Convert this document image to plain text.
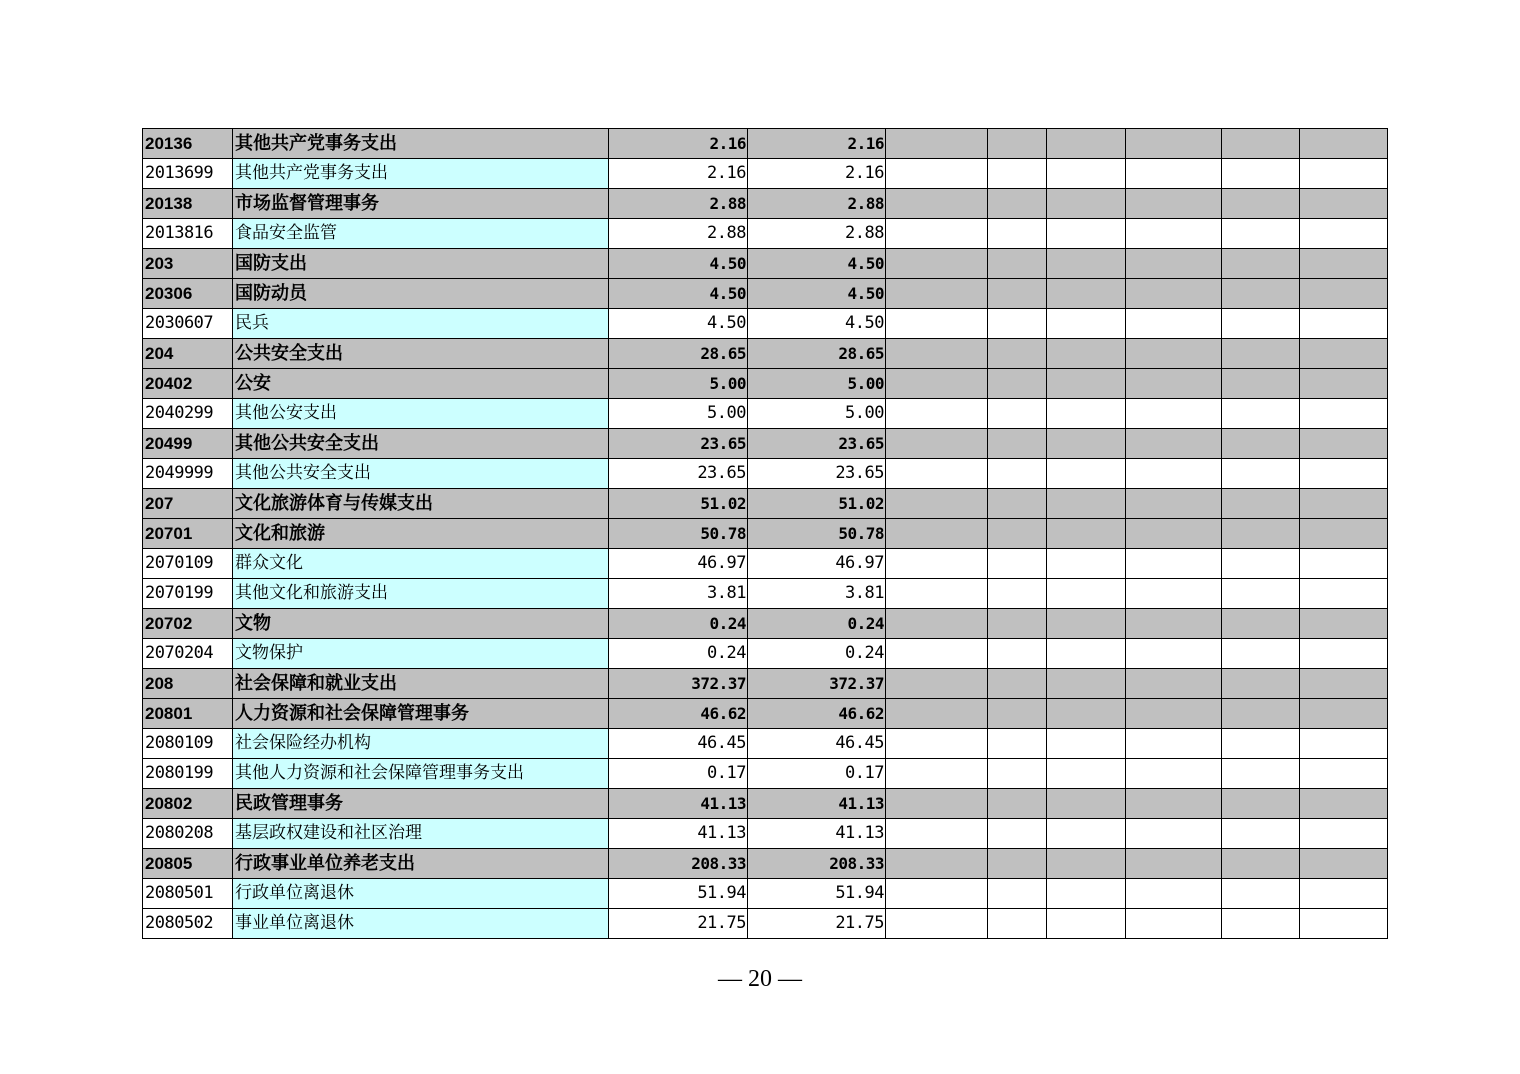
20136	其他共产党事务支出	2.16	2.16						
2013699	其他共产党事务支出	2.16	2.16						
20138	市场监督管理事务	2.88	2.88						
2013816	食品安全监管	2.88	2.88						
203	国防支出	4.50	4.50						
20306	国防动员	4.50	4.50						
2030607	民兵	4.50	4.50						
204	公共安全支出	28.65	28.65						
20402	公安	5.00	5.00						
2040299	其他公安支出	5.00	5.00						
20499	其他公共安全支出	23.65	23.65						
2049999	其他公共安全支出	23.65	23.65						
207	文化旅游体育与传媒支出	51.02	51.02						
20701	文化和旅游	50.78	50.78						
2070109	群众文化	46.97	46.97						
2070199	其他文化和旅游支出	3.81	3.81						
20702	文物	0.24	0.24						
2070204	文物保护	0.24	0.24						
208	社会保障和就业支出	372.37	372.37						
20801	人力资源和社会保障管理事务	46.62	46.62						
2080109	社会保险经办机构	46.45	46.45						
2080199	其他人力资源和社会保障管理事务支出	0.17	0.17						
20802	民政管理事务	41.13	41.13						
2080208	基层政权建设和社区治理	41.13	41.13						
20805	行政事业单位养老支出	208.33	208.33						
2080501	行政单位离退休	51.94	51.94						
2080502	事业单位离退休	21.75	21.75						
— 20 —
